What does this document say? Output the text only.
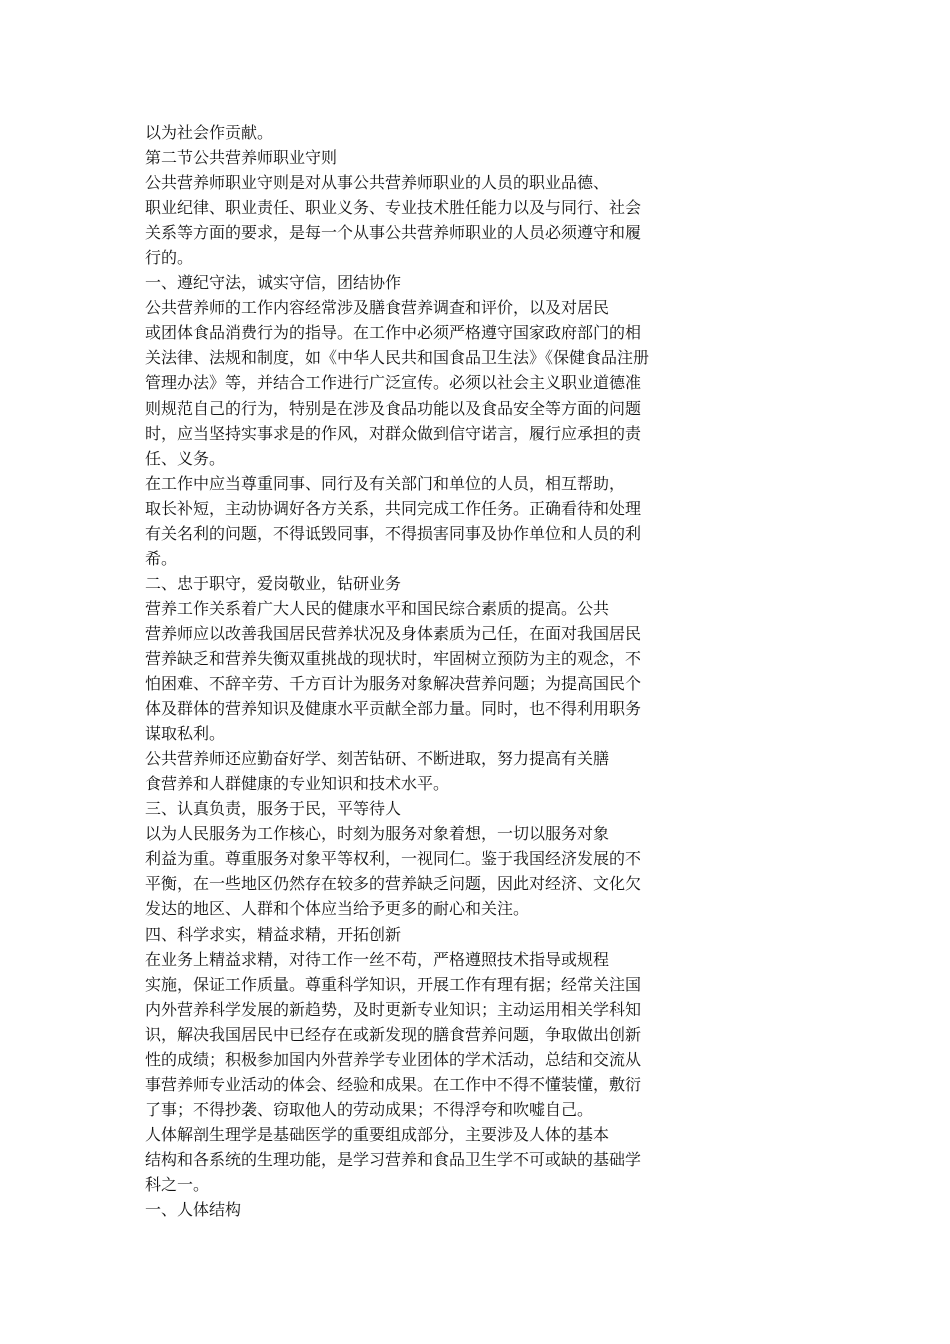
以为社会作贡献。
第二节公共营养师职业守则
公共营养师职业守则是对从事公共营养师职业的人员的职业品德、
职业纪律、职业责任、职业义务、专业技术胜任能力以及与同行、社会
关系等方面的要求，是每一个从事公共营养师职业的人员必须遵守和履
行的。
一、遵纪守法，诚实守信，团结协作
公共营养师的工作内容经常涉及膳食营养调查和评价，以及对居民
或团体食品消费行为的指导。在工作中必须严格遵守国家政府部门的相
关法律、法规和制度，如《中华人民共和国食品卫生法》《保健食品注册
管理办法》等，并结合工作进行广泛宣传。必须以社会主义职业道德准
则规范自己的行为，特别是在涉及食品功能以及食品安全等方面的问题
时，应当坚持实事求是的作风，对群众做到信守诺言，履行应承担的责
任、义务。
在工作中应当尊重同事、同行及有关部门和单位的人员，相互帮助，
取长补短，主动协调好各方关系，共同完成工作任务。正确看待和处理
有关名利的问题，不得诋毁同事，不得损害同事及协作单位和人员的利
希。
二、忠于职守，爱岗敬业，钻研业务
营养工作关系着广大人民的健康水平和国民综合素质的提高。公共
营养师应以改善我国居民营养状况及身体素质为己任，在面对我国居民
营养缺乏和营养失衡双重挑战的现状时，牢固树立预防为主的观念，不
怕困难、不辞辛劳、千方百计为服务对象解决营养问题；为提高国民个
体及群体的营养知识及健康水平贡献全部力量。同时，也不得利用职务
谋取私利。
公共营养师还应勤奋好学、刻苦钻研、不断进取，努力提高有关膳
食营养和人群健康的专业知识和技术水平。
三、认真负责，服务于民，平等待人
以为人民服务为工作核心，时刻为服务对象着想，一切以服务对象
利益为重。尊重服务对象平等权利，一视同仁。鉴于我国经济发展的不
平衡，在一些地区仍然存在较多的营养缺乏问题，因此对经济、文化欠
发达的地区、人群和个体应当给予更多的耐心和关注。
四、科学求实，精益求精，开拓创新
在业务上精益求精，对待工作一丝不苟，严格遵照技术指导或规程
实施，保证工作质量。尊重科学知识，开展工作有理有据；经常关注国
内外营养科学发展的新趋势，及时更新专业知识；主动运用相关学科知
识，解决我国居民中已经存在或新发现的膳食营养问题，争取做出创新
性的成绩；积极参加国内外营养学专业团体的学术活动，总结和交流从
事营养师专业活动的体会、经验和成果。在工作中不得不懂装懂，敷衍
了事；不得抄袭、窃取他人的劳动成果；不得浮夸和吹嘘自己。
人体解剖生理学是基础医学的重要组成部分，主要涉及人体的基本
结构和各系统的生理功能，是学习营养和食品卫生学不可或缺的基础学
科之一。
一、人体结构
